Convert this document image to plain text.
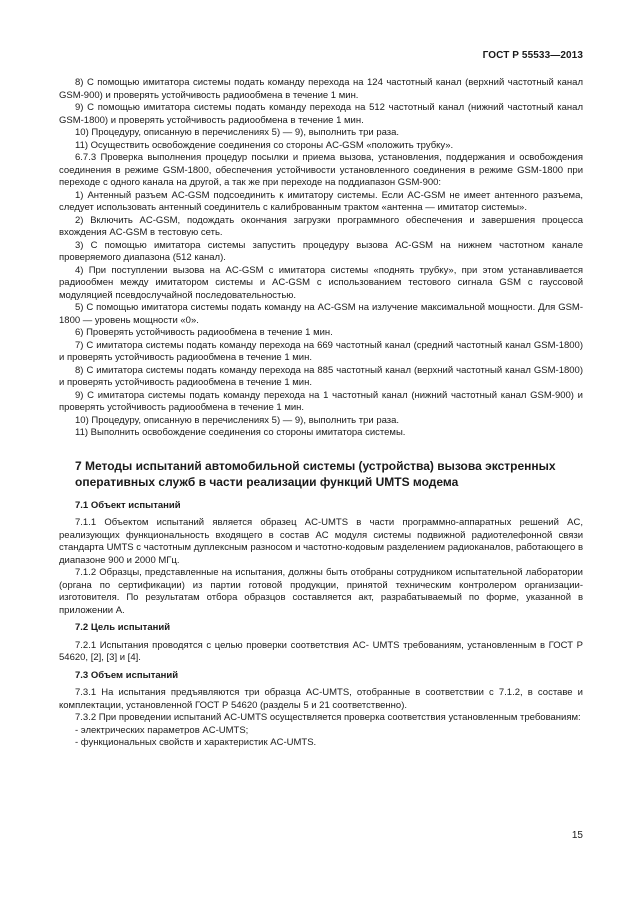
ГОСТ Р 55533—2013

8) С помощью имитатора системы подать команду перехода на 124 частотный канал (верхний частотный канал GSM-900) и проверять устойчивость радиообмена в течение 1 мин.

9) С помощью имитатора системы подать команду перехода на 512 частотный канал (нижний частотный канал GSM-1800) и проверять устойчивость радиообмена в течение 1 мин.

10) Процедуру, описанную в перечислениях 5) — 9), выполнить три раза.

11) Осуществить освобождение соединения со стороны AC-GSM «положить трубку».

6.7.3 Проверка выполнения процедур посылки и приема вызова, установления, поддержания и освобождения соединения в режиме GSM-1800, обеспечения устойчивости установленного соединения в режиме GSM-1800 при переходе с одного канала на другой, а так же при переходе на поддиапазон GSM-900:

1) Антенный разъем AC-GSM подсоединить к имитатору системы. Если AC-GSM не имеет антенного разъема, следует использовать антенный соединитель с калиброванным трактом «антенна — имитатор системы».

2) Включить AC-GSM, подождать окончания загрузки программного обеспечения и завершения процесса вхождения AC-GSM в тестовую сеть.

3) С помощью имитатора системы запустить процедуру вызова AC-GSM на нижнем частотном канале проверяемого диапазона (512 канал).

4) При поступлении вызова на AC-GSM с имитатора системы «поднять трубку», при этом устанавливается радиообмен между имитатором системы и AC-GSM с использованием тестового сигнала GSM с гауссовой модуляцией псевдослучайной последовательностью.

5) С помощью имитатора системы подать команду на AC-GSM на излучение максимальной мощности. Для GSM-1800 — уровень мощности «0».

6) Проверять устойчивость радиообмена в течение 1 мин.

7) С имитатора системы подать команду перехода на 669 частотный канал (средний частотный канал GSM-1800) и проверять устойчивость радиообмена в течение 1 мин.

8) С имитатора системы подать команду перехода на 885 частотный канал (верхний частотный канал GSM-1800) и проверять устойчивость радиообмена в течение 1 мин.

9) С имитатора системы подать команду перехода на 1 частотный канал (нижний частотный канал GSM-900) и проверять устойчивость радиообмена в течение 1 мин.

10) Процедуру, описанную в перечислениях 5) — 9), выполнить три раза.

11) Выполнить освобождение соединения со стороны имитатора системы.

7 Методы испытаний автомобильной системы (устройства) вызова экстренных оперативных служб в части реализации функций UMTS модема

7.1 Объект испытаний

7.1.1 Объектом испытаний является образец AC-UMTS в части программно-аппаратных решений AC, реализующих функциональность входящего в состав AC модуля системы подвижной радиотелефонной связи стандарта UMTS с частотным дуплексным разносом и частотно-кодовым разделением радиоканалов, работающего в диапазоне 900 и 2000 МГц.

7.1.2 Образцы, представленные на испытания, должны быть отобраны сотрудником испытательной лаборатории (органа по сертификации) из партии готовой продукции, принятой техническим контролером организации-изготовителя. По результатам отбора образцов составляется акт, разрабатываемый по форме, указанной в приложении А.

7.2 Цель испытаний

7.2.1 Испытания проводятся с целью проверки соответствия AC- UMTS требованиям, установленным в ГОСТ Р 54620, [2], [3] и [4].

7.3 Объем испытаний

7.3.1 На испытания предъявляются три образца AC-UMTS, отобранные в соответствии с 7.1.2, в составе и комплектации, установленной ГОСТ Р 54620 (разделы 5 и 21 соответственно).

7.3.2 При проведении испытаний AC-UMTS осуществляется проверка соответствия установленным требованиям:

- электрических параметров AC-UMTS;

- функциональных свойств и характеристик AC-UMTS.

15
